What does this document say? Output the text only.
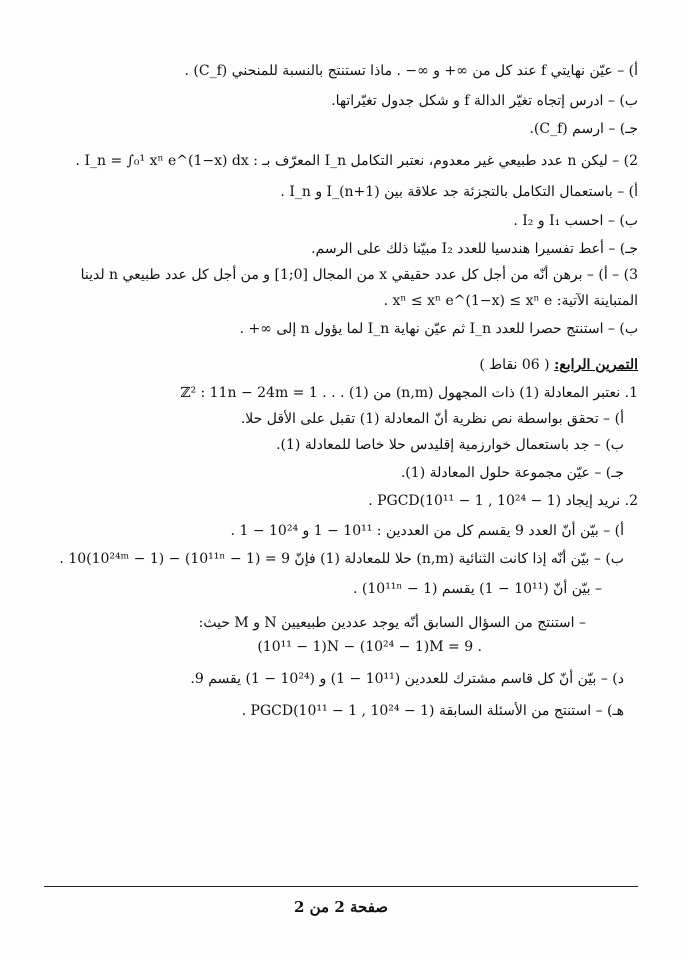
أ) – عيّن نهايتي f عند كل من ∞+ و ∞− . ماذا تستنتج بالنسبة للمنحني (C_f) .
ب) – ادرس إتجاه تغيّر الدالة f و شكل جدول تغيّراتها.
جـ) – ارسم (C_f).
2) – ليكن n عدد طبيعي غير معدوم، نعتبر التكامل I_n المعرّف بـ : I_n = ∫₀¹ xⁿ e^(1−x) dx .
أ) – باستعمال التكامل بالتجزئة جد علاقة بين I_(n+1) و I_n .
ب) – احسب I₁ و I₂ .
جـ) – أعط تفسيرا هندسيا للعدد I₂ مبيّنا ذلك على الرسم.
3) – أ) – برهن أنّه من أجل كل عدد حقيقي x من المجال [0;1] و من أجل كل عدد طبيعي n لدينا
المتباينة الآتية: xⁿ ≤ xⁿ e^(1−x) ≤ xⁿ e .
ب) – استنتج حصرا للعدد I_n ثم عيّن نهاية I_n لما يؤول n إلى ∞+ .
التمرين الرابع: ( 06 نقاط )
1. نعتبر المعادلة (1) ذات المجهول (n,m) من ℤ² : 11n − 24m = 1 . . . (1)
أ) – تحقق بواسطة نص نظرية أنّ المعادلة (1) تقبل على الأقل حلا.
ب) – جد باستعمال خوارزمية إقليدس حلا خاصا للمعادلة (1).
جـ) – عيّن مجموعة حلول المعادلة (1).
2. نريد إيجاد PGCD(10¹¹ − 1 , 10²⁴ − 1) .
أ) – بيّن أنّ العدد 9 يقسم كل من العددين : 10¹¹ − 1 و 10²⁴ − 1 .
ب) – بيّن أنّه إذا كانت الثنائية (n,m) حلا للمعادلة (1) فإنّ 9 = (10¹¹ⁿ − 1) − 10(10²⁴ᵐ − 1) .
– بيّن أنّ (10¹¹ − 1) يقسم (10¹¹ⁿ − 1) .
– استنتج من السؤال السابق أنّه يوجد عددين طبيعيين N و M حيث:
(10¹¹ − 1)N − (10²⁴ − 1)M = 9 .
د) – بيّن أنّ كل قاسم مشترك للعددين (10¹¹ − 1) و (10²⁴ − 1) يقسم 9.
هـ) – استنتج من الأسئلة السابقة PGCD(10¹¹ − 1 , 10²⁴ − 1) .
صفحة 2 من 2
